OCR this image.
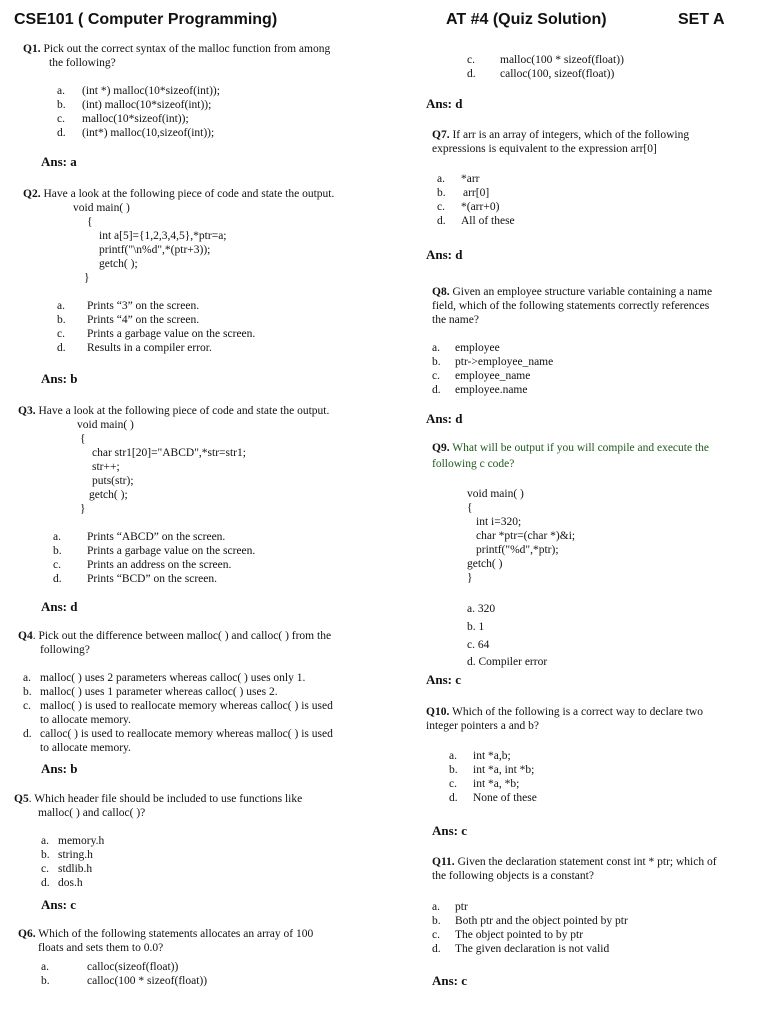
CSE101 ( Computer Programming)	AT #4 (Quiz Solution)	SET A
Q1. Pick out the correct syntax of the malloc function from among
the following?
a. (int *) malloc(10*sizeof(int));
b. (int) malloc(10*sizeof(int));
c. malloc(10*sizeof(int));
d. (int*) malloc(10,sizeof(int));
Ans: a
Q2. Have a look at the following piece of code and state the output.
void main( )
{
int a[5]={1,2,3,4,5},*ptr=a;
printf("\n%d",*(ptr+3));
getch( );
}
a. Prints “3” on the screen.
b. Prints “4” on the screen.
c. Prints a garbage value on the screen.
d. Results in a compiler error.
Ans: b
Q3. Have a look at the following piece of code and state the output.
void main( )
{
char str1[20]="ABCD",*str=str1;
str++;
puts(str);
getch( );
}
a. Prints “ABCD” on the screen.
b. Prints a garbage value on the screen.
c. Prints an address on the screen.
d. Prints “BCD” on the screen.
Ans: d
Q4. Pick out the difference between malloc( ) and calloc( ) from the
following?
a. malloc( ) uses 2 parameters whereas calloc( ) uses only 1.
b. malloc( ) uses 1 parameter whereas calloc( ) uses 2.
c. malloc( ) is used to reallocate memory whereas calloc( ) is used
to allocate memory.
d. calloc( ) is used to reallocate memory whereas malloc( ) is used
to allocate memory.
Ans: b
Q5. Which header file should be included to use functions like
malloc( ) and calloc( )?
a. memory.h
b. string.h
c. stdlib.h
d. dos.h
Ans: c
Q6. Which of the following statements allocates an array of 100
floats and sets them to 0.0?
a.	calloc(sizeof(float))
b.	calloc(100 * sizeof(float))
c. malloc(100 * sizeof(float))
d. calloc(100, sizeof(float))
Ans: d
Q7. If arr is an array of integers, which of the following
expressions is equivalent to the expression arr[0]
a. *arr
b. arr[0]
c. *(arr+0)
d. All of these
Ans: d
Q8. Given an employee structure variable containing a name
field, which of the following statements correctly references
the name?
a. employee
b. ptr->employee_name
c. employee_name
d. employee.name
Ans: d
Q9. What will be output if you will compile and execute the
following c code?
void main( )
{
int i=320;
char *ptr=(char *)&i;
printf("%d",*ptr);
getch( )
}
a. 320
b. 1
c. 64
d. Compiler error
Ans: c
Q10. Which of the following is a correct way to declare two
integer pointers a and b?
a. int *a,b;
b. int *a, int *b;
c. int *a, *b;
d. None of these
Ans: c
Q11. Given the declaration statement const int * ptr; which of
the following objects is a constant?
a. ptr
b. Both ptr and the object pointed by ptr
c. The object pointed to by ptr
d. The given declaration is not valid
Ans: c
